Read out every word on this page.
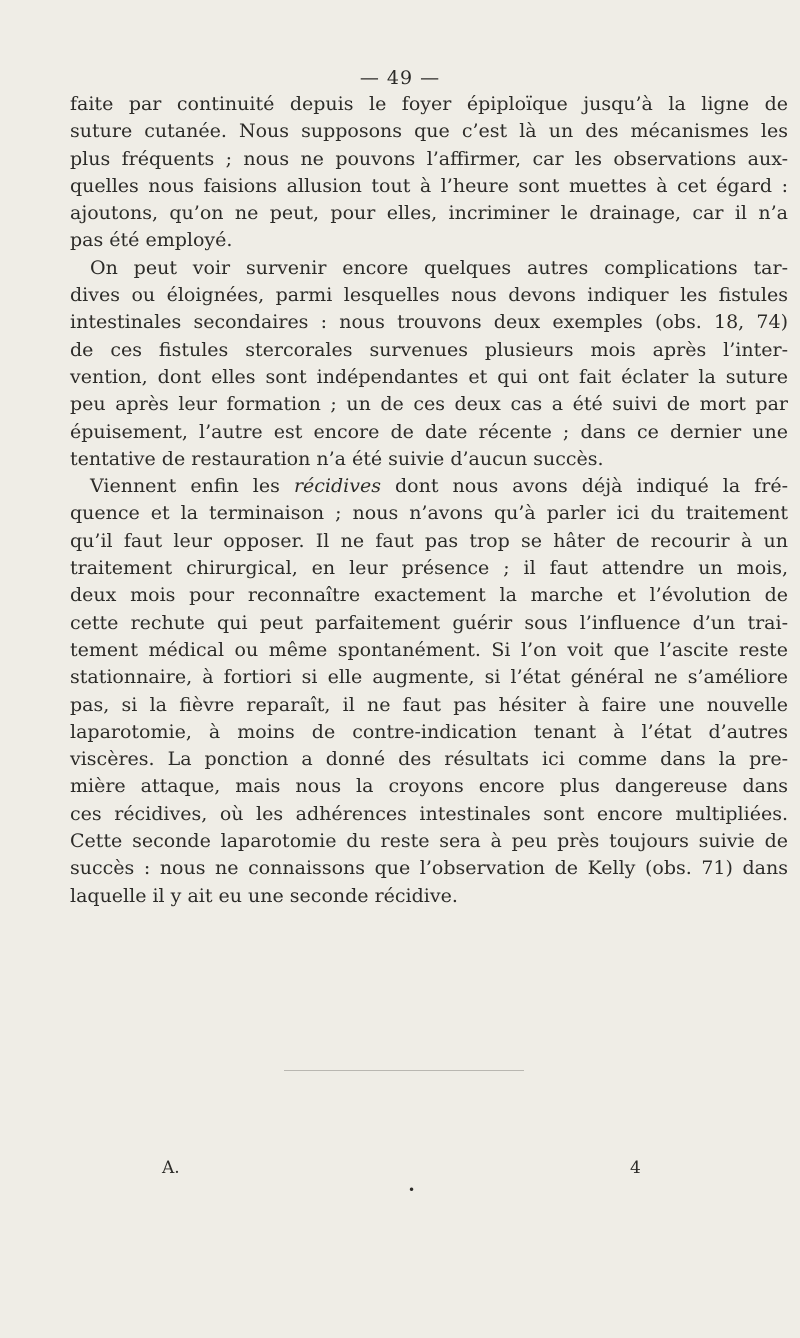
— 49 —
faite par continuité depuis le foyer épiploïque jusqu’à la ligne de
suture cutanée. Nous supposons que c’est là un des mécanismes les
plus fréquents ; nous ne pouvons l’affirmer, car les observations aux-
quelles nous faisions allusion tout à l’heure sont muettes à cet égard :
ajoutons, qu’on ne peut, pour elles, incriminer le drainage, car il n’a
pas été employé.
On peut voir survenir encore quelques autres complications tar-
dives ou éloignées, parmi lesquelles nous devons indiquer les fistules
intestinales secondaires : nous trouvons deux exemples (obs. 18, 74)
de ces fistules stercorales survenues plusieurs mois après l’inter-
vention, dont elles sont indépendantes et qui ont fait éclater la suture
peu après leur formation ; un de ces deux cas a été suivi de mort par
épuisement, l’autre est encore de date récente ; dans ce dernier une
tentative de restauration n’a été suivie d’aucun succès.
Viennent enfin les récidives dont nous avons déjà indiqué la fré-
quence et la terminaison ; nous n’avons qu’à parler ici du traitement
qu’il faut leur opposer. Il ne faut pas trop se hâter de recourir à un
traitement chirurgical, en leur présence ; il faut attendre un mois,
deux mois pour reconnaître exactement la marche et l’évolution de
cette rechute qui peut parfaitement guérir sous l’influence d’un trai-
tement médical ou même spontanément. Si l’on voit que l’ascite reste
stationnaire, à fortiori si elle augmente, si l’état général ne s’améliore
pas, si la fièvre reparaît, il ne faut pas hésiter à faire une nouvelle
laparotomie, à moins de contre-indication tenant à l’état d’autres
viscères. La ponction a donné des résultats ici comme dans la pre-
mière attaque, mais nous la croyons encore plus dangereuse dans
ces récidives, où les adhérences intestinales sont encore multipliées.
Cette seconde laparotomie du reste sera à peu près toujours suivie de
succès : nous ne connaissons que l’observation de Kelly (obs. 71) dans
laquelle il y ait eu une seconde récidive.
A.	4
•
